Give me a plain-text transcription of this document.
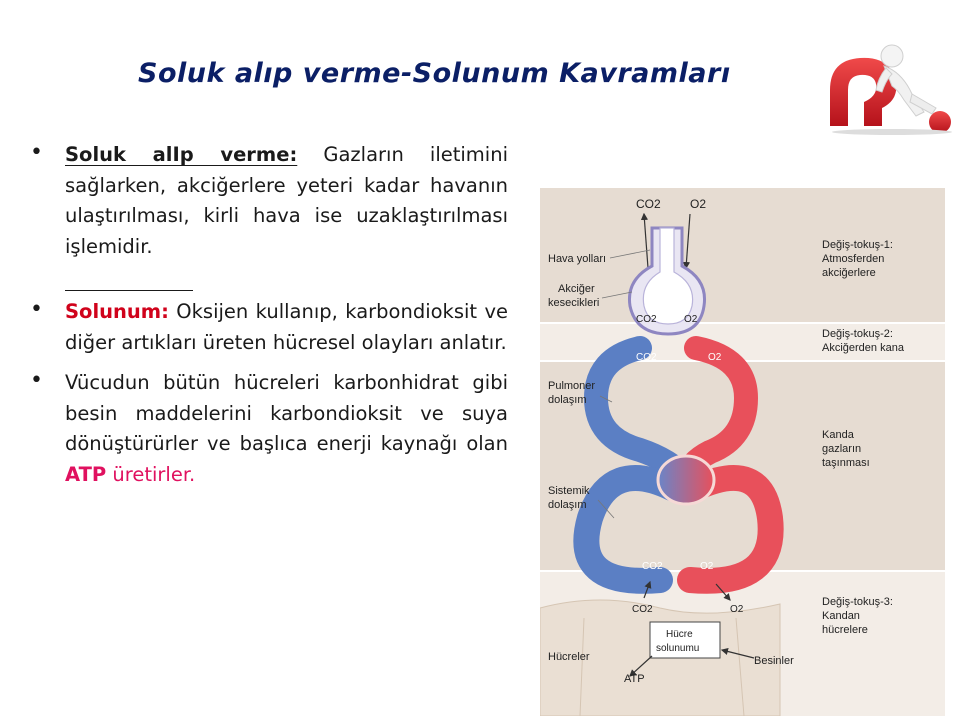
Soluk alıp verme-Solunum Kavramları
• Soluk alIp verme: Gazların iletimini sağlarken, akciğerlere yeteri kadar havanın ulaştırılması, kirli hava ise uzaklaştırılması işlemidir.
• Solunum: Oksijen kullanıp, karbondioksit ve diğer artıkları üreten hücresel olayları anlatır.
• Vücudun bütün hücreleri karbonhidrat gibi besin maddelerini karbondioksit ve suya dönüştürürler ve başlıca enerji kaynağı olan ATP üretirler.
CO2 O2
CO2	O2
CO2	O2
CO2	O2
Hücre
solunumu
CO2	O2
Besinler
Hava yolları
Akciğer
kesecikleri
Pulmoner
dolaşım
Sistemik
dolaşım
Hücreler
ATP
Değiş-tokuş-1:
Atmosferden
akciğerlere
Değiş-tokuş-2:
Akciğerden kana
Kanda
gazların
taşınması
Değiş-tokuş-3:
Kandan
hücrelere
